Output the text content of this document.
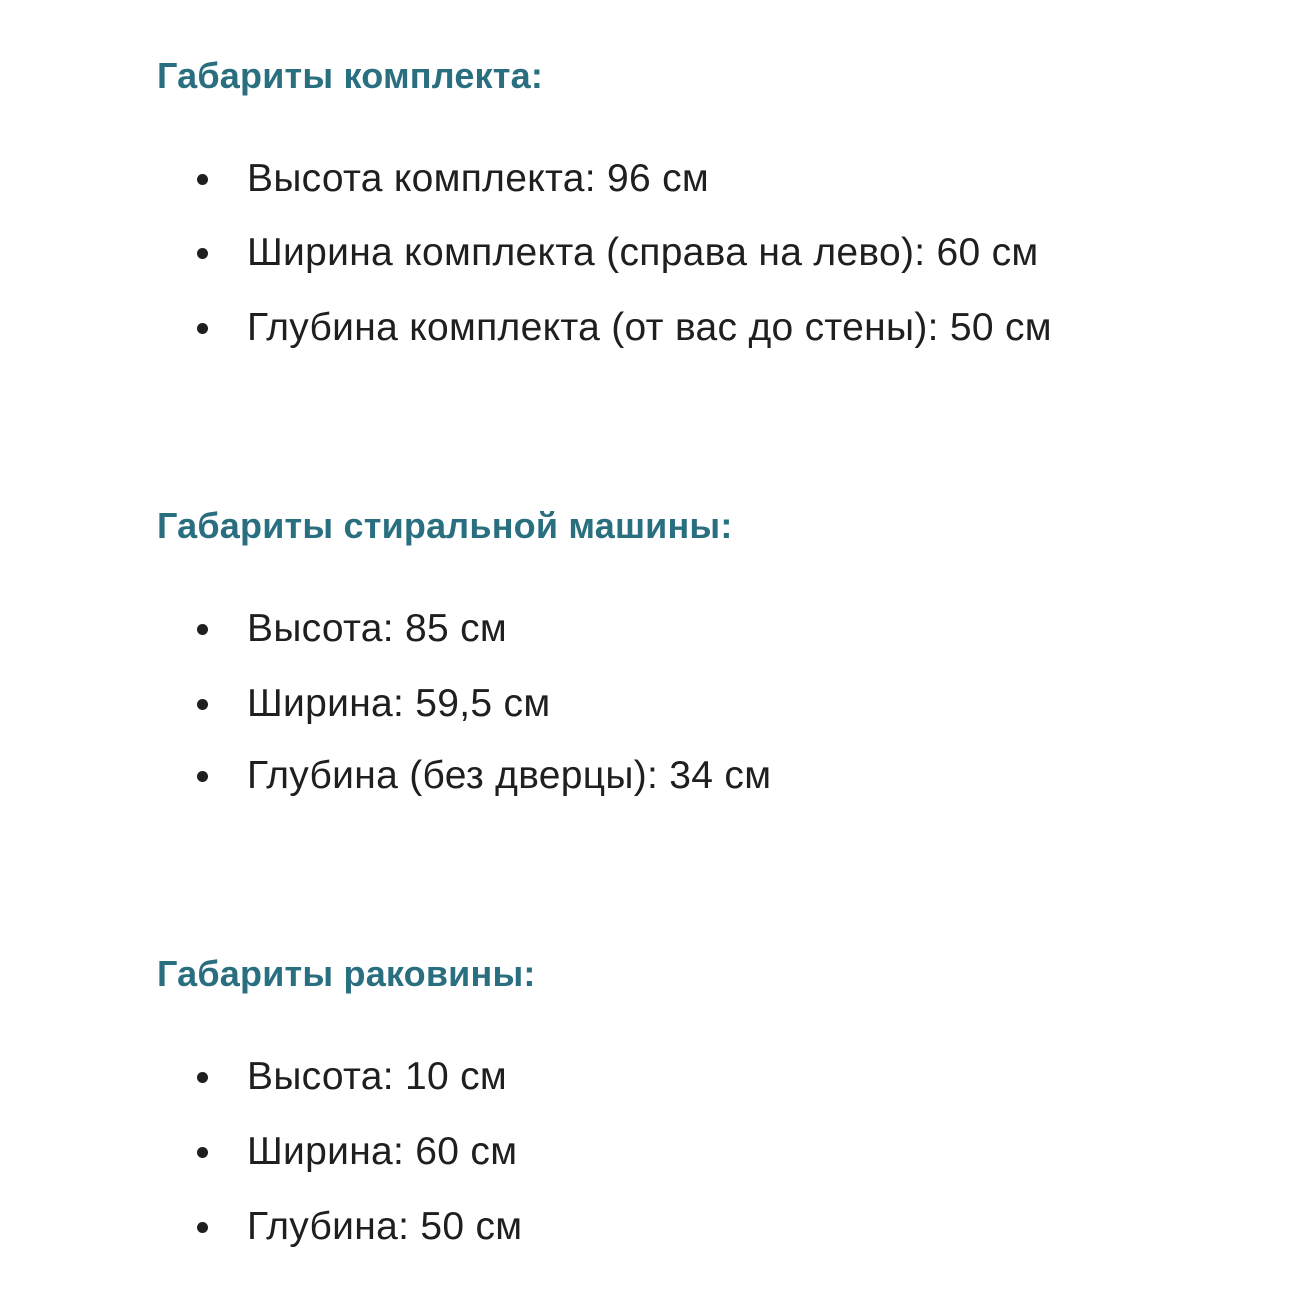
Габариты комплекта:
Высота комплекта: 96 см
Ширина комплекта (справа на лево): 60 см
Глубина комплекта (от вас до стены): 50 см
Габариты стиральной машины:
Высота: 85 см
Ширина: 59,5 см
Глубина (без дверцы): 34 см
Габариты раковины:
Высота: 10 см
Ширина: 60 см
Глубина: 50 см
